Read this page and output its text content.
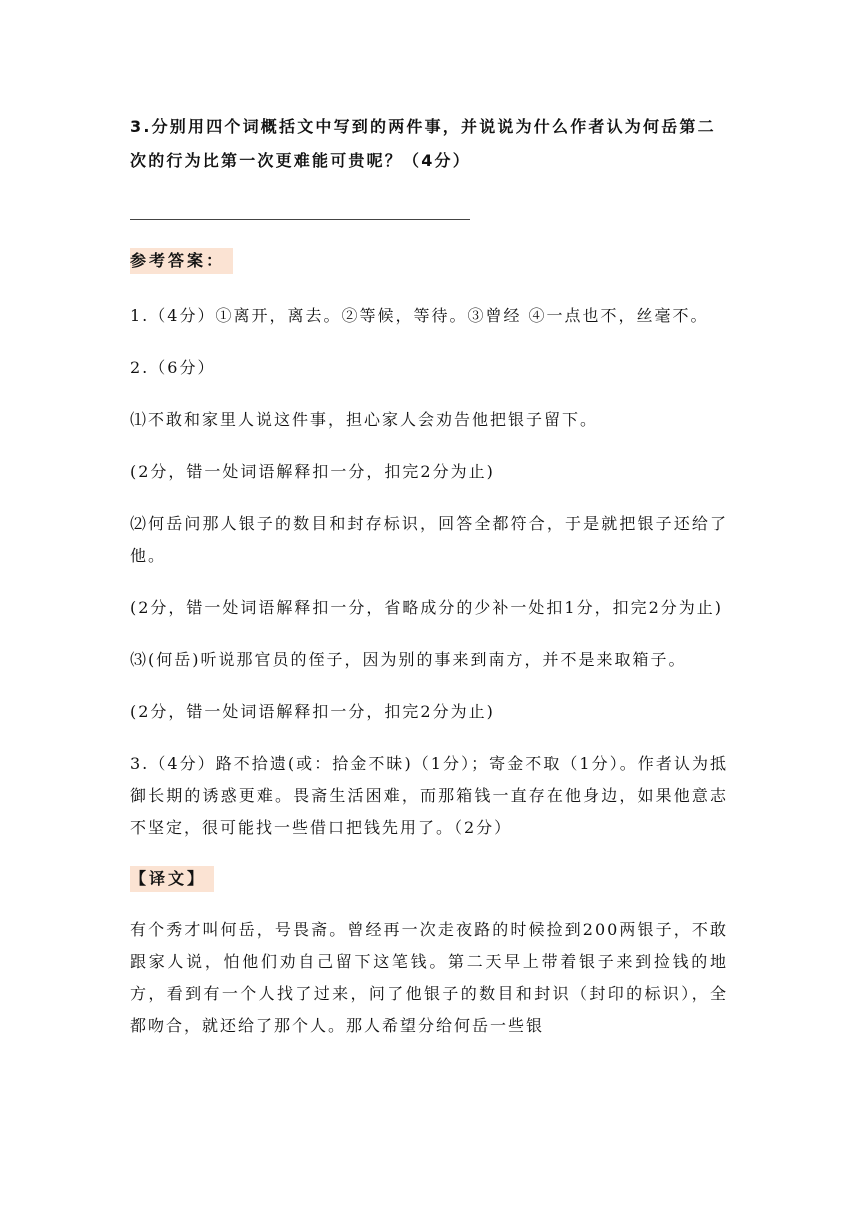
3.分别用四个词概括文中写到的两件事，并说说为什么作者认为何岳第二次的行为比第一次更难能可贵呢？（4分）

参考答案：

1.（4分）①离开，离去。②等候，等待。③曾经 ④一点也不，丝毫不。

2.（6分）

⑴不敢和家里人说这件事，担心家人会劝告他把银子留下。

(2分，错一处词语解释扣一分，扣完2分为止)

⑵何岳问那人银子的数目和封存标识，回答全都符合，于是就把银子还给了他。

(2分，错一处词语解释扣一分，省略成分的少补一处扣1分，扣完2分为止)

⑶(何岳)听说那官员的侄子，因为别的事来到南方，并不是来取箱子。

(2分，错一处词语解释扣一分，扣完2分为止)

3.（4分）路不拾遗(或：拾金不昧)（1分）；寄金不取（1分）。作者认为抵御长期的诱惑更难。畏斋生活困难，而那箱钱一直存在他身边，如果他意志不坚定，很可能找一些借口把钱先用了。（2分）

【译文】

有个秀才叫何岳，号畏斋。曾经再一次走夜路的时候捡到200两银子，不敢跟家人说，怕他们劝自己留下这笔钱。第二天早上带着银子来到捡钱的地方，看到有一个人找了过来，问了他银子的数目和封识（封印的标识），全都吻合，就还给了那个人。那人希望分给何岳一些银
